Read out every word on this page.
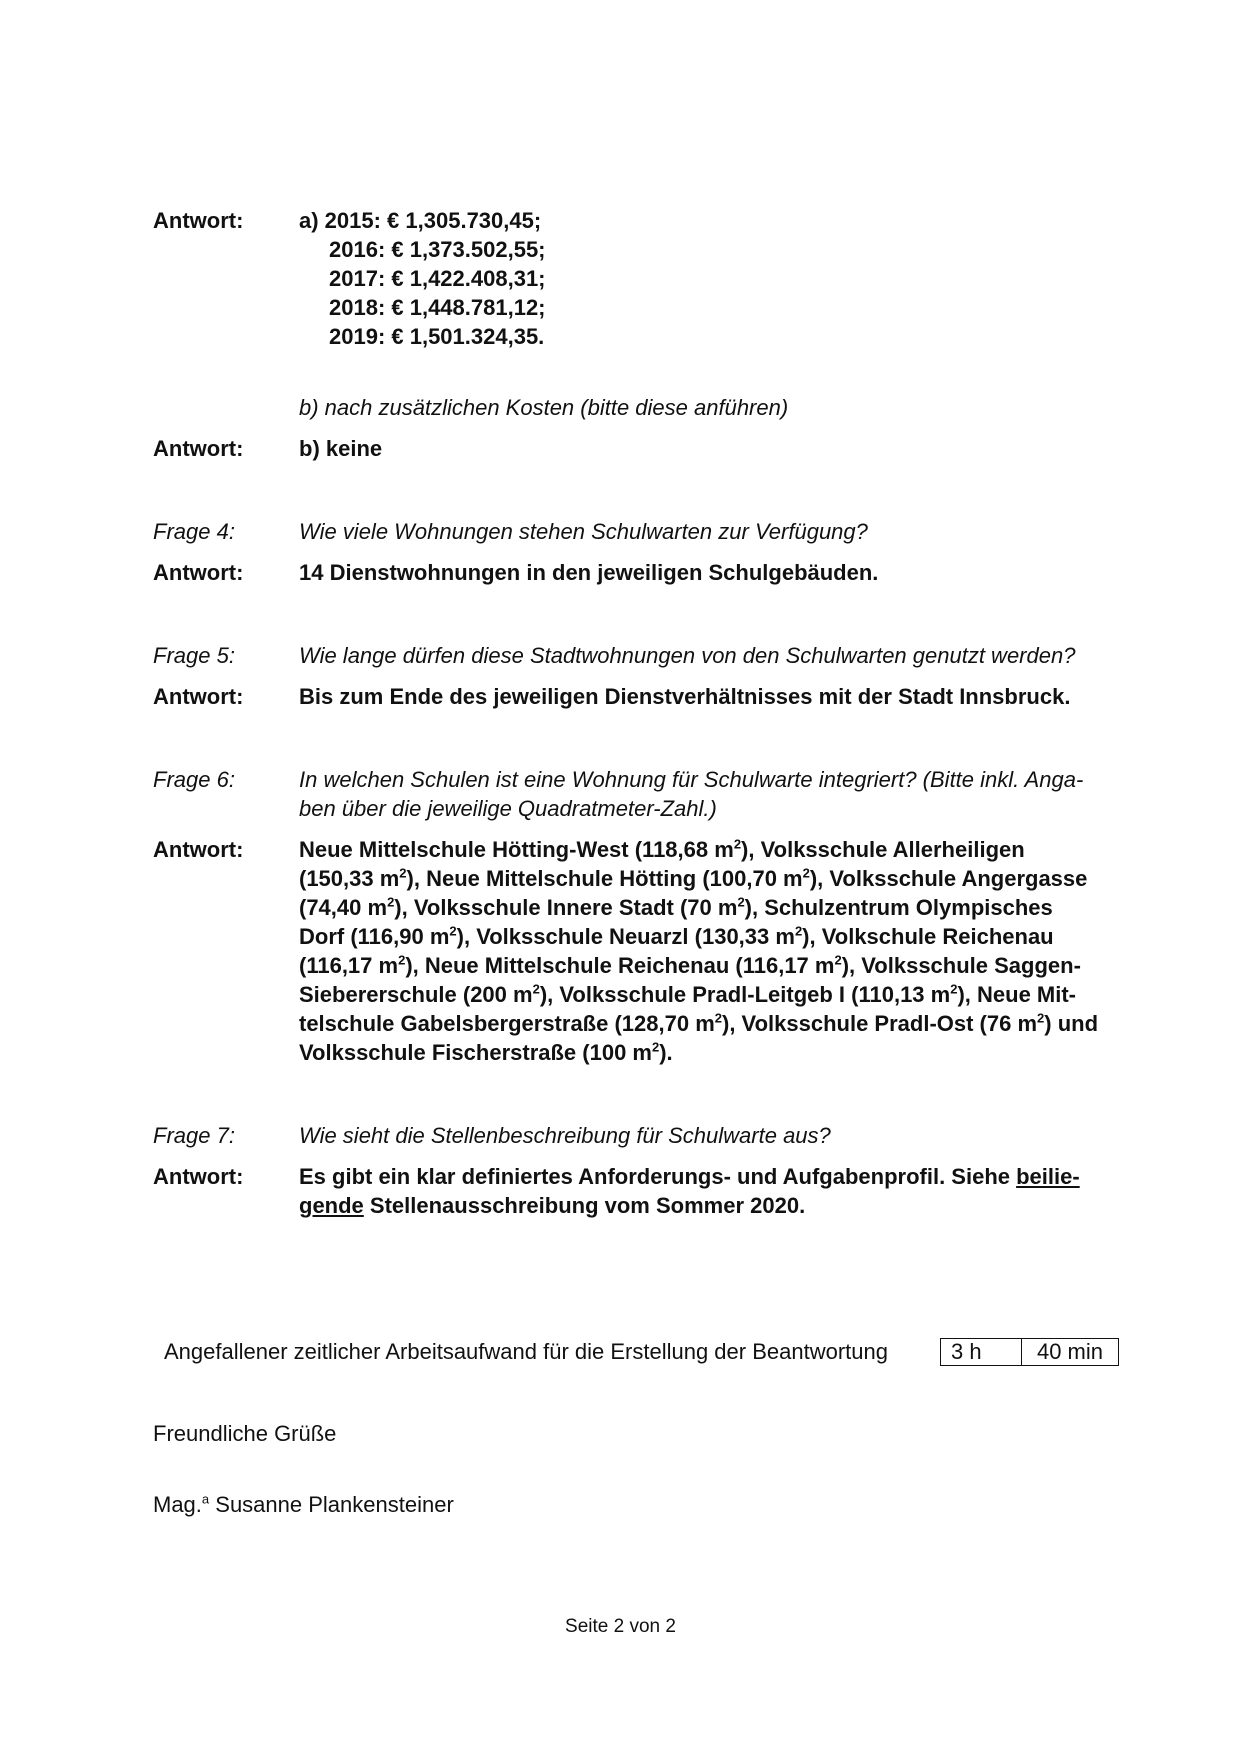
Antwort:	a) 2015: € 1,305.730,45;
2016: € 1,373.502,55;
2017: € 1,422.408,31;
2018: € 1,448.781,12;
2019: € 1,501.324,35.
b) nach zusätzlichen Kosten (bitte diese anführen)
Antwort:	b) keine
Frage 4:	Wie viele Wohnungen stehen Schulwarten zur Verfügung?
Antwort:	14 Dienstwohnungen in den jeweiligen Schulgebäuden.
Frage 5:	Wie lange dürfen diese Stadtwohnungen von den Schulwarten genutzt werden?
Antwort:	Bis zum Ende des jeweiligen Dienstverhältnisses mit der Stadt Innsbruck.
Frage 6:	In welchen Schulen ist eine Wohnung für Schulwarte integriert? (Bitte inkl. Anga-
ben über die jeweilige Quadratmeter-Zahl.)
Antwort:	Neue Mittelschule Hötting-West (118,68 $m^2$), Volksschule Allerheiligen
(150,33 $m^2$), Neue Mittelschule Hötting (100,70 $m^2$), Volksschule Angergasse
(74,40 $m^2$), Volksschule Innere Stadt (70 $m^2$), Schulzentrum Olympisches
Dorf (116,90 $m^2$), Volksschule Neuarzl (130,33 $m^2$), Volkschule Reichenau
(116,17 $m^2$), Neue Mittelschule Reichenau (116,17 $m^2$), Volksschule Saggen-
Siebererschule (200 $m^2$), Volksschule Pradl-Leitgeb I (110,13 $m^2$), Neue Mit-
telschule Gabelsbergerstraße (128,70 $m^2$), Volksschule Pradl-Ost (76 $m^2$) und
Volksschule Fischerstraße (100 $m^2$).
Frage 7:	Wie sieht die Stellenbeschreibung für Schulwarte aus?
Antwort:	Es gibt ein klar definiertes Anforderungs- und Aufgabenprofil. Siehe beilie-
gende Stellenausschreibung vom Sommer 2020.
Angefallener zeitlicher Arbeitsaufwand für die Erstellung der Beantwortung	3 h	40 min
Freundliche Grüße
Mag.$^a$ Susanne Plankensteiner
Seite 2 von 2
